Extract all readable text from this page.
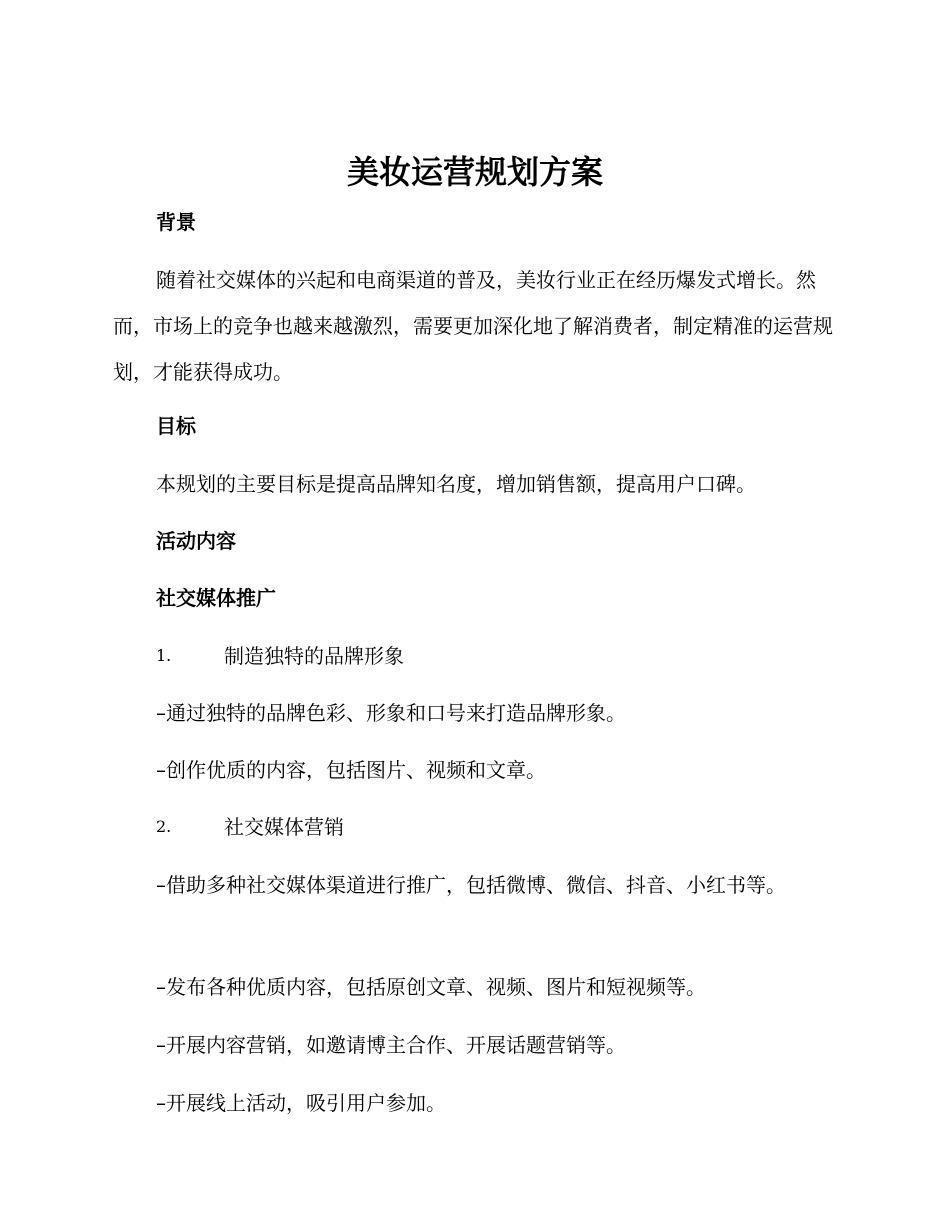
美妆运营规划方案
背景

随着社交媒体的兴起和电商渠道的普及，美妆行业正在经历爆发式增长。然而，市场上的竞争也越来越激烈，需要更加深化地了解消费者，制定精准的运营规划，才能获得成功。

目标
本规划的主要目标是提高品牌知名度，增加销售额，提高用户口碑。
活动内容
社交媒体推广
1.	制造独特的品牌形象
–通过独特的品牌色彩、形象和口号来打造品牌形象。
–创作优质的内容，包括图片、视频和文章。
2.	社交媒体营销

–借助多种社交媒体渠道进行推广，包括微博、微信、抖音、小红书等。

–发布各种优质内容，包括原创文章、视频、图片和短视频等。
–开展内容营销，如邀请博主合作、开展话题营销等。
–开展线上活动，吸引用户参加。
